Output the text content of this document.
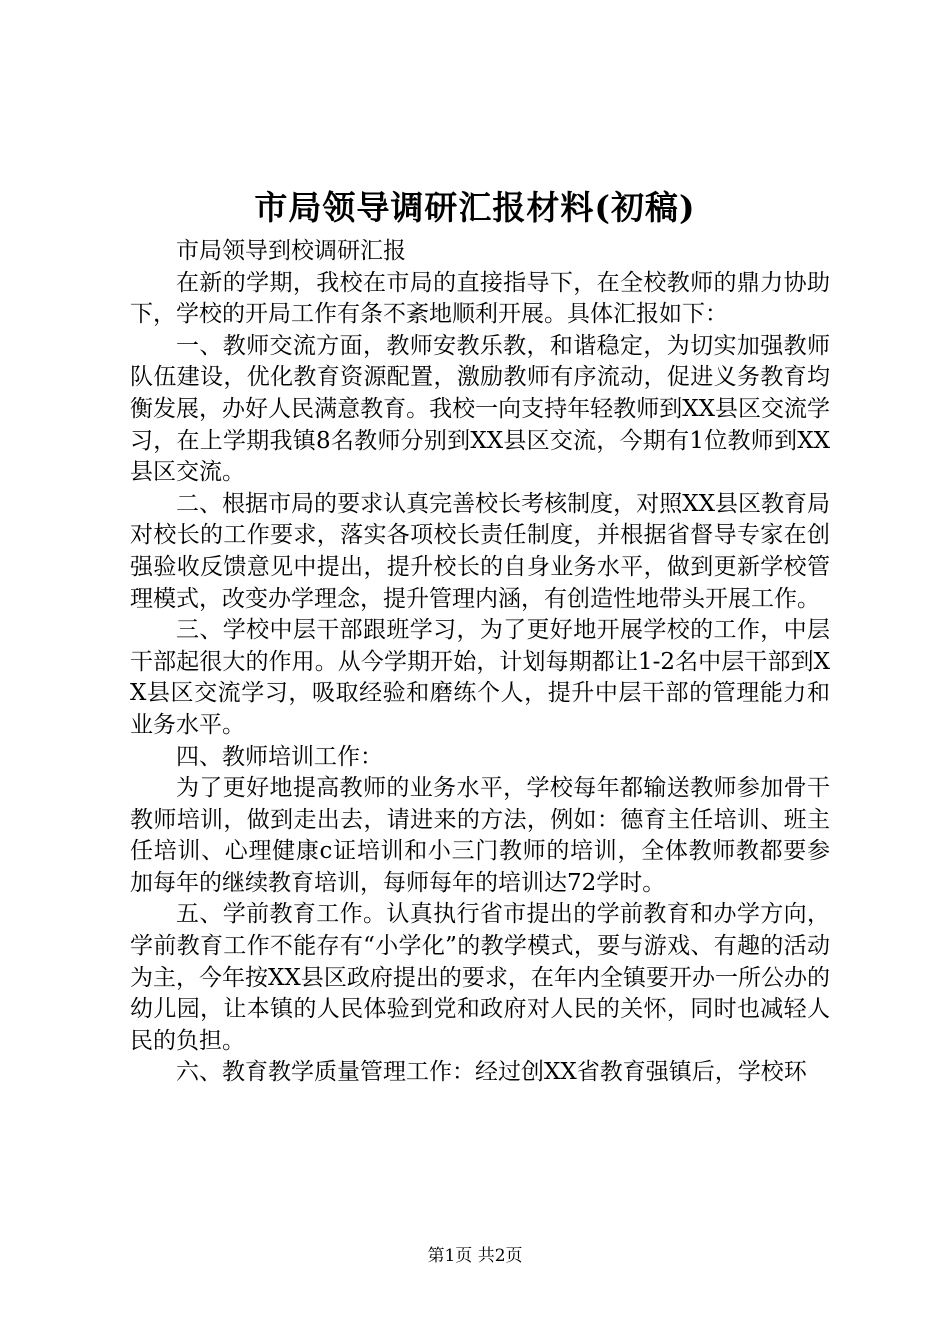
市局领导调研汇报材料(初稿)

市局领导到校调研汇报

在新的学期，我校在市局的直接指导下，在全校教师的鼎力协助下，学校的开局工作有条不紊地顺利开展。具体汇报如下：

一、教师交流方面，教师安教乐教，和谐稳定，为切实加强教师队伍建设，优化教育资源配置，激励教师有序流动，促进义务教育均衡发展，办好人民满意教育。我校一向支持年轻教师到XX县区交流学习，在上学期我镇8名教师分别到XX县区交流，今期有1位教师到XX县区交流。

二、根据市局的要求认真完善校长考核制度，对照XX县区教育局对校长的工作要求，落实各项校长责任制度，并根据省督导专家在创强验收反馈意见中提出，提升校长的自身业务水平，做到更新学校管理模式，改变办学理念，提升管理内涵，有创造性地带头开展工作。

三、学校中层干部跟班学习，为了更好地开展学校的工作，中层干部起很大的作用。从今学期开始，计划每期都让1-2名中层干部到XX县区交流学习，吸取经验和磨练个人，提升中层干部的管理能力和业务水平。

四、教师培训工作：

为了更好地提高教师的业务水平，学校每年都输送教师参加骨干教师培训，做到走出去，请进来的方法，例如：德育主任培训、班主任培训、心理健康c证培训和小三门教师的培训，全体教师教都要参加每年的继续教育培训，每师每年的培训达72学时。

五、学前教育工作。认真执行省市提出的学前教育和办学方向，学前教育工作不能存有“小学化”的教学模式，要与游戏、有趣的活动为主，今年按XX县区政府提出的要求，在年内全镇要开办一所公办的幼儿园，让本镇的人民体验到党和政府对人民的关怀，同时也减轻人民的负担。

六、教育教学质量管理工作：经过创XX省教育强镇后，学校环

第1页 共2页
